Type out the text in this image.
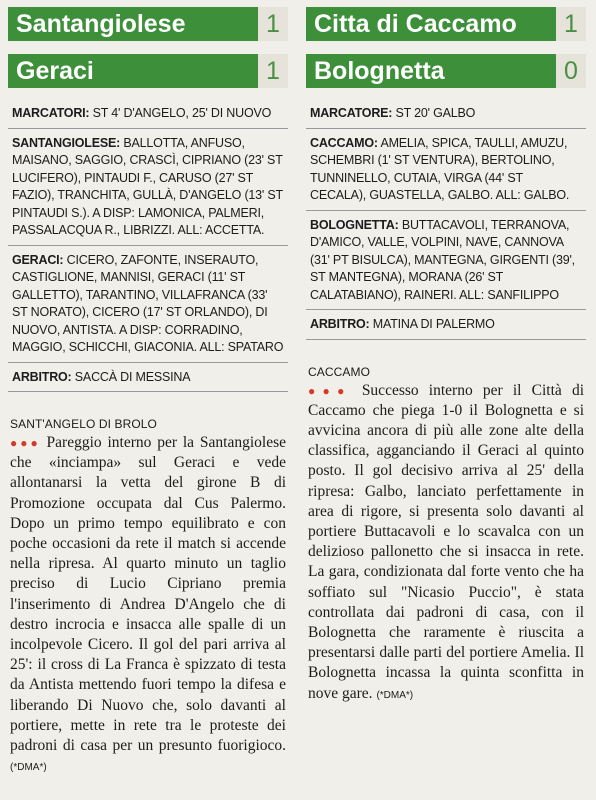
Santangiolese	1
Geraci	1
MARCATORI: ST 4' D'ANGELO, 25' DI NUOVO
SANTANGIOLESE: BALLOTTA, ANFUSO, MAISANO, SAGGIO, CRASCÌ, CIPRIANO (23' ST LUCIFERO), PINTAUDI F., CARUSO (27' ST FAZIO), TRANCHITA, GULLÀ, D'ANGELO (13' ST PINTAUDI S.). A DISP: LAMONICA, PALMERI, PASSALACQUA R., LIBRIZZI. ALL: ACCETTA.
GERACI: CICERO, ZAFONTE, INSERAUTO, CASTIGLIONE, MANNISI, GERACI (11' ST GALLETTO), TARANTINO, VILLAFRANCA (33' ST NORATO), CICERO (17' ST ORLANDO), DI NUOVO, ANTISTA. A DISP: CORRADINO, MAGGIO, SCHICCHI, GIACONIA. ALL: SPATARO
ARBITRO: SACCÀ DI MESSINA
SANT'ANGELO DI BROLO
●●● Pareggio interno per la Santangiolese che «inciampa» sul Geraci e vede allontanarsi la vetta del girone B di Promozione occupata dal Cus Palermo. Dopo un primo tempo equilibrato e con poche occasioni da rete il match si accende nella ripresa. Al quarto minuto un taglio preciso di Lucio Cipriano premia l'inserimento di Andrea D'Angelo che di destro incrocia e insacca alle spalle di un incolpevole Cicero. Il gol del pari arriva al 25': il cross di La Franca è spizzato di testa da Antista mettendo fuori tempo la difesa e liberando Di Nuovo che, solo davanti al portiere, mette in rete tra le proteste dei padroni di casa per un presunto fuorigioco. (*DMA*)
Citta di Caccamo	1
Bolognetta	0
MARCATORE: ST 20' GALBO
CACCAMO: AMELIA, SPICA, TAULLI, AMUZU, SCHEMBRI (1' ST VENTURA), BERTOLINO, TUNNINELLO, CUTAIA, VIRGA (44' ST CECALA), GUASTELLA, GALBO. ALL: GALBO.
BOLOGNETTA: BUTTACAVOLI, TERRANOVA, D'AMICO, VALLE, VOLPINI, NAVE, CANNOVA (31' PT BISULCA), MANTEGNA, GIRGENTI (39', ST MANTEGNA), MORANA (26' ST CALATABIANO), RAINERI. ALL: SANFILIPPO
ARBITRO: MATINA DI PALERMO
CACCAMO
●●● Successo interno per il Città di Caccamo che piega 1-0 il Bolognetta e si avvicina ancora di più alle zone alte della classifica, agganciando il Geraci al quinto posto. Il gol decisivo arriva al 25' della ripresa: Galbo, lanciato perfettamente in area di rigore, si presenta solo davanti al portiere Buttacavoli e lo scavalca con un delizioso pallonetto che si insacca in rete. La gara, condizionata dal forte vento che ha soffiato sul "Nicasio Puccio", è stata controllata dai padroni di casa, con il Bolognetta che raramente è riuscita a presentarsi dalle parti del portiere Amelia. Il Bolognetta incassa la quinta sconfitta in nove gare. (*DMA*)
